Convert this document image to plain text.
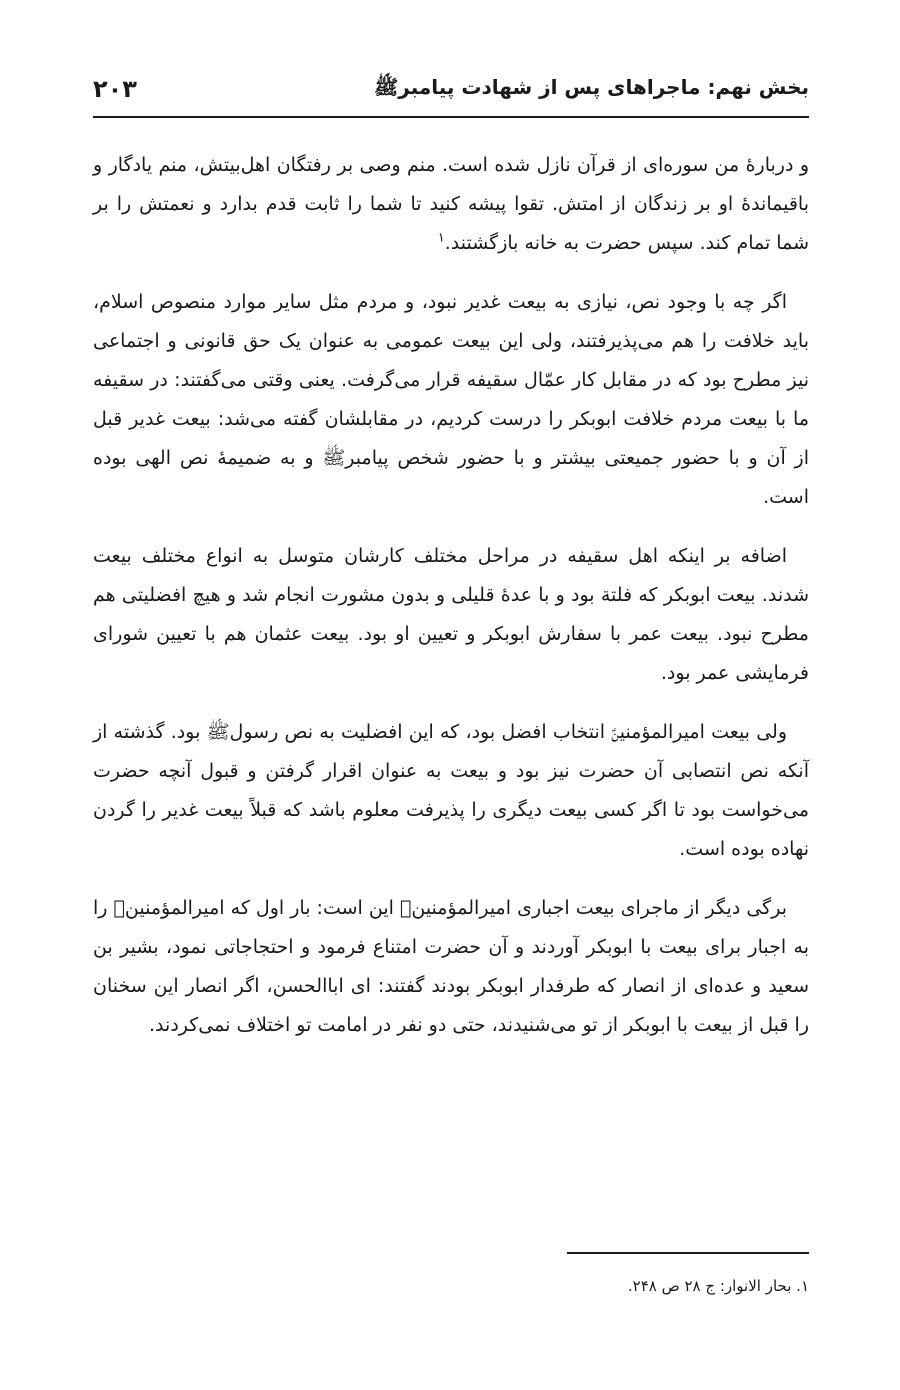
بخش نهم: ماجراهای پس از شهادت پیامبرﷺ
۲۰۳

و دربارهٔ من سوره‌ای از قرآن نازل شده است. منم وصی بر رفتگان اهل‌بیتش، منم یادگار و باقیماندهٔ او بر زندگان از امتش. تقوا پیشه کنید تا شما را ثابت قدم بدارد و نعمتش را بر شما تمام کند. سپس حضرت به خانه بازگشتند.$^۱$

اگر چه با وجود نص، نیازی به بیعت غدیر نبود، و مردم مثل سایر موارد منصوص اسلام، باید خلافت را هم می‌پذیرفتند، ولی این بیعت عمومی به عنوان یک حق قانونی و اجتماعی نیز مطرح بود که در مقابل کار عمّال سقیفه قرار می‌گرفت. یعنی وقتی می‌گفتند: در سقیفه ما با بیعت مردم خلافت ابوبکر را درست کردیم، در مقابلشان گفته می‌شد: بیعت غدیر قبل از آن و با حضور جمیعتی بیشتر و با حضور شخص پیامبرﷺ و به ضمیمهٔ نص الهی بوده است.

اضافه بر اینکه اهل سقیفه در مراحل مختلف کارشان متوسل به انواع مختلف بیعت شدند. بیعت ابوبکر که فلتة بود و با عدهٔ قلیلی و بدون مشورت انجام شد و هیچ افضلیتی هم مطرح نبود. بیعت عمر با سفارش ابوبکر و تعیین او بود. بیعت عثمان هم با تعیین شورای فرمایشی عمر بود.

ولی بیعت امیرالمؤمنینؑ انتخاب افضل بود، که این افضلیت به نص رسولﷺ بود. گذشته از آنکه نص انتصابی آن حضرت نیز بود و بیعت به عنوان اقرار گرفتن و قبول آنچه حضرت می‌خواست بود تا اگر کسی بیعت دیگری را پذیرفت معلوم باشد که قبلاً بیعت غدیر را گردن نهاده بوده است.

برگی دیگر از ماجرای بیعت اجباری امیرالمؤمنینؑ این است: بار اول که امیرالمؤمنینؑ را به اجبار برای بیعت با ابوبکر آوردند و آن حضرت امتناع فرمود و احتجاجاتی نمود، بشیر بن سعید و عده‌ای از انصار که طرفدار ابوبکر بودند گفتند: ای اباالحسن، اگر انصار این سخنان را قبل از بیعت با ابوبکر از تو می‌شنیدند، حتی دو نفر در امامت تو اختلاف نمی‌کردند.

۱. بحار الانوار: ج ۲۸ ص ۲۴۸.
